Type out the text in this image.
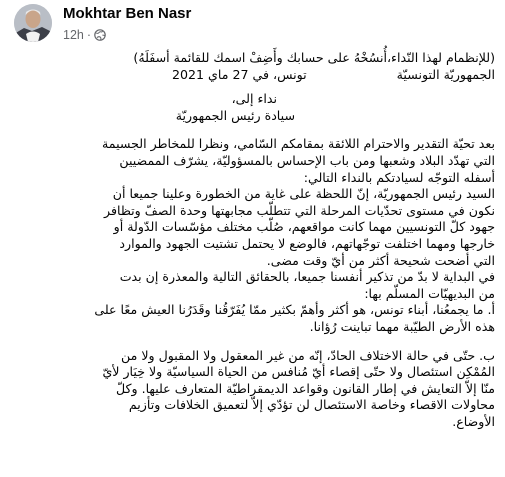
Mokhtar Ben Nasr
12h ·

(للإنظمام لهذا النّداء،أُنسُخْهُ على حسابك وأَضِفْ اسمك للقائمة أسفَلَهُ)

الجمهوريّة التونسيّة
تونس، في 27 ماي 2021

نداء إلى،

سيادة رئيس الجمهوريّة

بعد تحيّة التقدير والاحترام اللائقة بمقامكم السّامي، ونظرا للمخاطر الجسيمة

التي تهدّد البلاد وشعبها ومن باب الإحساس بالمسؤوليّة، يشرّف الممضيين

أسفله التوجّه لسيادتكم بالنداء التالي:

السيد رئيس الجمهوريّة، إنّ اللحظة على غاية من الخطورة وعلينا جميعا أن

نكون في مستوى تحدّيات المرحلة التي تتطلّب مجابهتها وحدة الصفّ وتظافر

جهود كلّ التونسيين مهما كانت مواقعهم، صُلّب مختلف مؤسّسات الدّولة أو

خارجها ومهما اختلفت توجّهاتهم، فالوضع لا يحتمل تشتيت الجهود والموارد

التي أضحت شحيحة أكثر من أيّ وقت مضى.

في البداية لا بدّ من تذكير أنفسنا جميعا، بالحقائق التالية والمعذرة إن بدت

من البديهيّات المسلّم بها:

أ. ما يجمعُنا، أبناء تونس، هو أكثر وأهمّ بكثير ممّا يُفَرّقُنا وقَدَرُنا العيش معًا على

هذه الأرض الطيّبة مهما تباينت رُؤانا.

ب. حتّى في حالة الاختلاف الحادّ، إنّه من غير المعقول ولا المقبول ولا من

المُمْكِن استئصال ولا حتّى إقصاء أيّ مُنافس من الحياة السياسيّة ولا خِيَار لأيّ

منّا إلاّ التعايش في إطار القانون وقواعد الديمقراطيّة المتعارف عليها. وكلّ

محاولات الاقصاء وخاصة الاستئصال لن تؤدّي إلاّ لتعميق الخلافات وتأزيم

الأوضاع.
